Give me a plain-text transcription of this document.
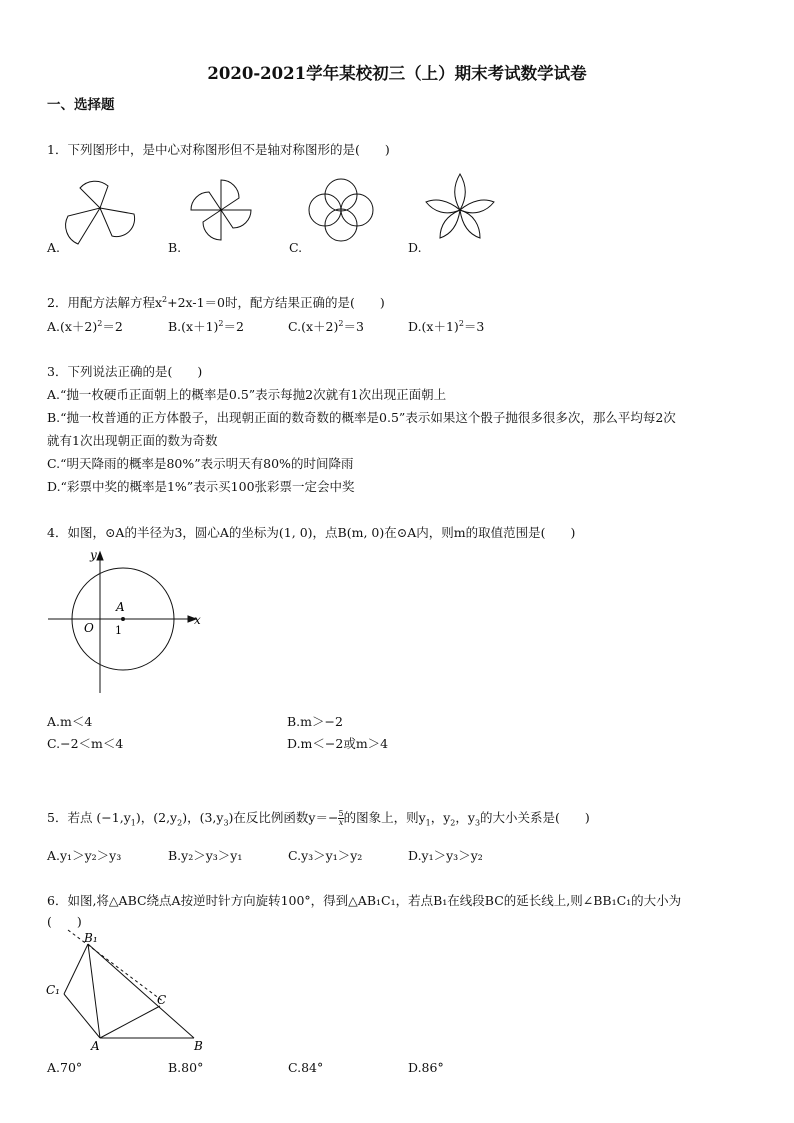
2020-2021学年某校初三（上）期末考试数学试卷
一、选择题
1．下列图形中，是中心对称图形但不是轴对称图形的是(　　)
A.	B.	C.	D.
2．用配方法解方程$x^2+2x-1=0$时，配方结果正确的是(　　)
$A.(x+2)^2=2$	$B.(x+1)^2=2$	$C.(x+2)^2=3$	$D.(x+1)^2=3$
3．下列说法正确的是(　　)
A.“抛一枚硬币正面朝上的概率是0.5”表示每抛2次就有1次出现正面朝上
B.“抛一枚普通的正方体骰子，出现朝正面的数奇数的概率是0.5”表示如果这个骰子抛很多很多次，那么平均每2次
就有1次出现朝正面的数为奇数
C.“明天降雨的概率是80%”表示明天有80%的时间降雨
D.“彩票中奖的概率是1%”表示买100张彩票一定会中奖
4．如图，⊙A的半径为3，圆心A的坐标为(1, 0)，点B(m, 0)在⊙A内，则m的取值范围是(　　)
y
x
O
A
1
A.m＜4	B.m＞−2
C.−2＜m＜4	D.m＜−2或m＞4
5．若点 $(-1,y_1)$，$(2,y_2)$，$(3,y_3)$在反比例函数$y=- \frac{5}{x}$ 的图象上，则$y_1$，$y_2$，$y_3$的大小关系是(　　)
A.y₁＞y₂＞y₃	B.y₂＞y₃＞y₁	C.y₃＞y₁＞y₂	D.y₁＞y₃＞y₂
6．如图,将△ABC绕点A按逆时针方向旋转100°，得到△AB₁C₁，若点B₁在线段BC的延长线上,则∠BB₁C₁的大小为
(　　)
B₁
C₁
C
A	B
A.70°	B.80°	C.84°	D.86°
